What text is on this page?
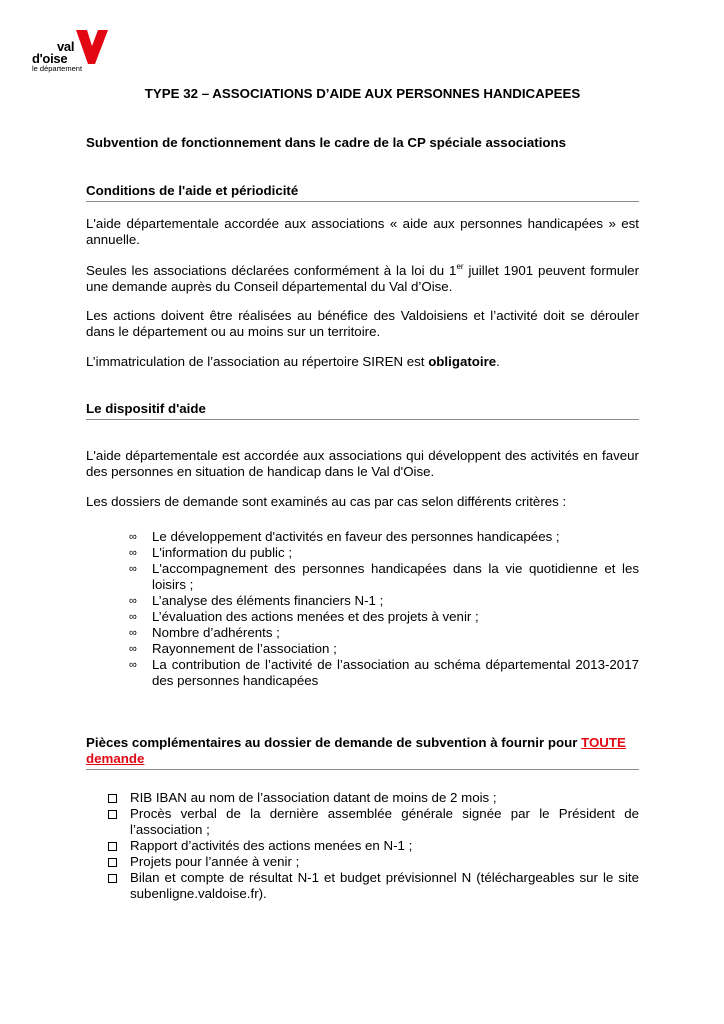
val
d'oise
le département
TYPE 32 – ASSOCIATIONS D’AIDE AUX PERSONNES HANDICAPEES
Subvention de fonctionnement dans le cadre de la CP spéciale associations
Conditions de l'aide et périodicité
L'aide départementale accordée aux associations « aide aux personnes handicapées » est annuelle.
Seules les associations déclarées conformément à la loi du 1er juillet 1901 peuvent formuler une demande auprès du Conseil départemental du Val d’Oise.
Les actions doivent être réalisées au bénéfice des Valdoisiens et l’activité doit se dérouler dans le département ou au moins sur un territoire.
L’immatriculation de l’association au répertoire SIREN est obligatoire.
Le dispositif d'aide
L'aide départementale est accordée aux associations qui développent des activités en faveur des personnes en situation de handicap dans le Val d'Oise.
Les dossiers de demande sont examinés au cas par cas selon différents critères :
∞ Le développement d'activités en faveur des personnes handicapées ;
∞ L'information du public ;
∞ L'accompagnement des personnes handicapées dans la vie quotidienne et les loisirs ;
∞ L’analyse des éléments financiers N-1 ;
∞ L’évaluation des actions menées et des projets à venir ;
∞ Nombre d’adhérents ;
∞ Rayonnement de l’association ;
∞ La contribution de l’activité de l’association au schéma départemental 2013-2017 des personnes handicapées
Pièces complémentaires au dossier de demande de subvention à fournir pour TOUTE demande
RIB IBAN au nom de l’association datant de moins de 2 mois ;
Procès verbal de la dernière assemblée générale signée par le Président de l’association ;
Rapport d’activités des actions menées en N-1 ;
Projets pour l’année à venir ;
Bilan et compte de résultat N-1 et budget prévisionnel N (téléchargeables sur le site subenligne.valdoise.fr).
